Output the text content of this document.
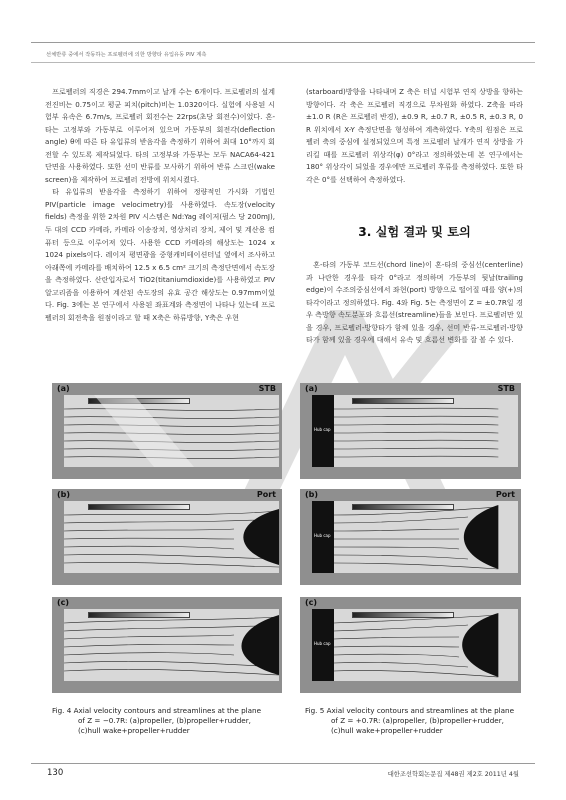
선체반류 중에서 작동하는 프로펠러에 의한 방향타 유입유동 PIV 계측

프로펠러의 직경은 294.7mm이고 날개 수는 6개이다. 프로펠러의 설계 전진비는 0.75이고 평균 피치(pitch)비는 1.0320이다. 실험에 사용된 시험부 유속은 6.7m/s, 프로펠러 회전수는 22rps(초당 회전수)이었다. 혼-타는 고정부와 가동부로 이루어져 있으며 가동부의 회전각(deflection angle) θ에 따른 타 유입류의 받음각을 측정하기 위하여 최대 10°까지 회전할 수 있도록 제작되었다. 타의 고정부와 가동부는 모두 NACA64-421 단면을 사용하였다. 또한 선미 반류를 모사하기 위하여 반류 스크린(wake screen)을 제작하여 프로펠러 전방에 위치시켰다.

타 유입류의 받음각을 측정하기 위하여 정량적인 가시화 기법인 PIV(particle image velocimetry)를 사용하였다. 속도장(velocity fields) 측정을 위한 2차원 PIV 시스템은 Nd:Yag 레이저(펄스 당 200mJ), 두 대의 CCD 카메라, 카메라 이송장치, 영상처리 장치, 제어 및 계산용 컴퓨터 등으로 이루어져 있다. 사용한 CCD 카메라의 해상도는 1024 x 1024 pixels이다. 레이저 평면광을 중형캐비테이션터널 옆에서 조사하고 아래쪽에 카메라를 배치하여 12.5 x 6.5 cm² 크기의 측정단면에서 속도장을 측정하였다. 산란입자로서 TiO2(titaniumdioxide)를 사용하였고 PIV 알고리즘을 이용하여 계산된 속도장의 유효 공간 해상도는 0.97mm이었다. Fig. 3에는 본 연구에서 사용된 좌표계와 측정면이 나타나 있는데 프로펠러의 회전축을 원점이라고 할 때 X축은 하류방향, Y축은 우현

(starboard)방향을 나타내며 Z 축은 터널 시험부 연직 상방을 향하는 방향이다. 각 축은 프로펠러 직경으로 무차원화 하였다. Z축을 따라 ±1.0 R (R은 프로펠러 반경), ±0.9 R, ±0.7 R, ±0.5 R, ±0.3 R, 0 R 위치에서 X-Y 측정단면을 형성하여 계측하였다. Y축의 원점은 프로펠러 축의 중심에 설정되었으며 특정 프로펠러 날개가 연직 상방을 가리킬 때를 프로펠러 위상각(φ) 0°라고 정의하였는데 본 연구에서는 180° 위상각이 되었을 경우에만 프로펠러 후류를 측정하였다. 또한 타각은 0°를 선택하여 측정하였다.

3. 실험 결과 및 토의

혼-타의 가동부 코드선(chord line)이 혼-타의 중심선(centerline)과 나란한 경우를 타각 0°라고 정의하며 가동부의 뒷날(trailing edge)이 수조의중심선에서 좌현(port) 방향으로 떨어질 때를 양(+)의 타각이라고 정의하였다. Fig. 4와 Fig. 5는 측정면이 Z = ±0.7R일 경우 측방향 속도분포와 흐름선(streamline)들을 보인다. 프로펠러만 있을 경우, 프로펠러-방향타가 함께 있을 경우, 선미 반류-프로펠러-방향타가 함께 있을 경우에 대해서 유속 및 흐름선 변화를 잘 볼 수 있다.

(a)	STB
(b)	Port
(c)
(a)	STB
Hub cap
(b)	Port
Hub cap
(c)
Hub cap
Fig. 4 Axial velocity contours and streamlines at the plane
of Z = −0.7R: (a)propeller, (b)propeller+rudder,
(c)hull wake+propeller+rudder
Fig. 5 Axial velocity contours and streamlines at the plane
of Z = +0.7R: (a)propeller, (b)propeller+rudder,
(c)hull wake+propeller+rudder
130	대한조선학회논문집 제48권 제2호 2011년 4월
